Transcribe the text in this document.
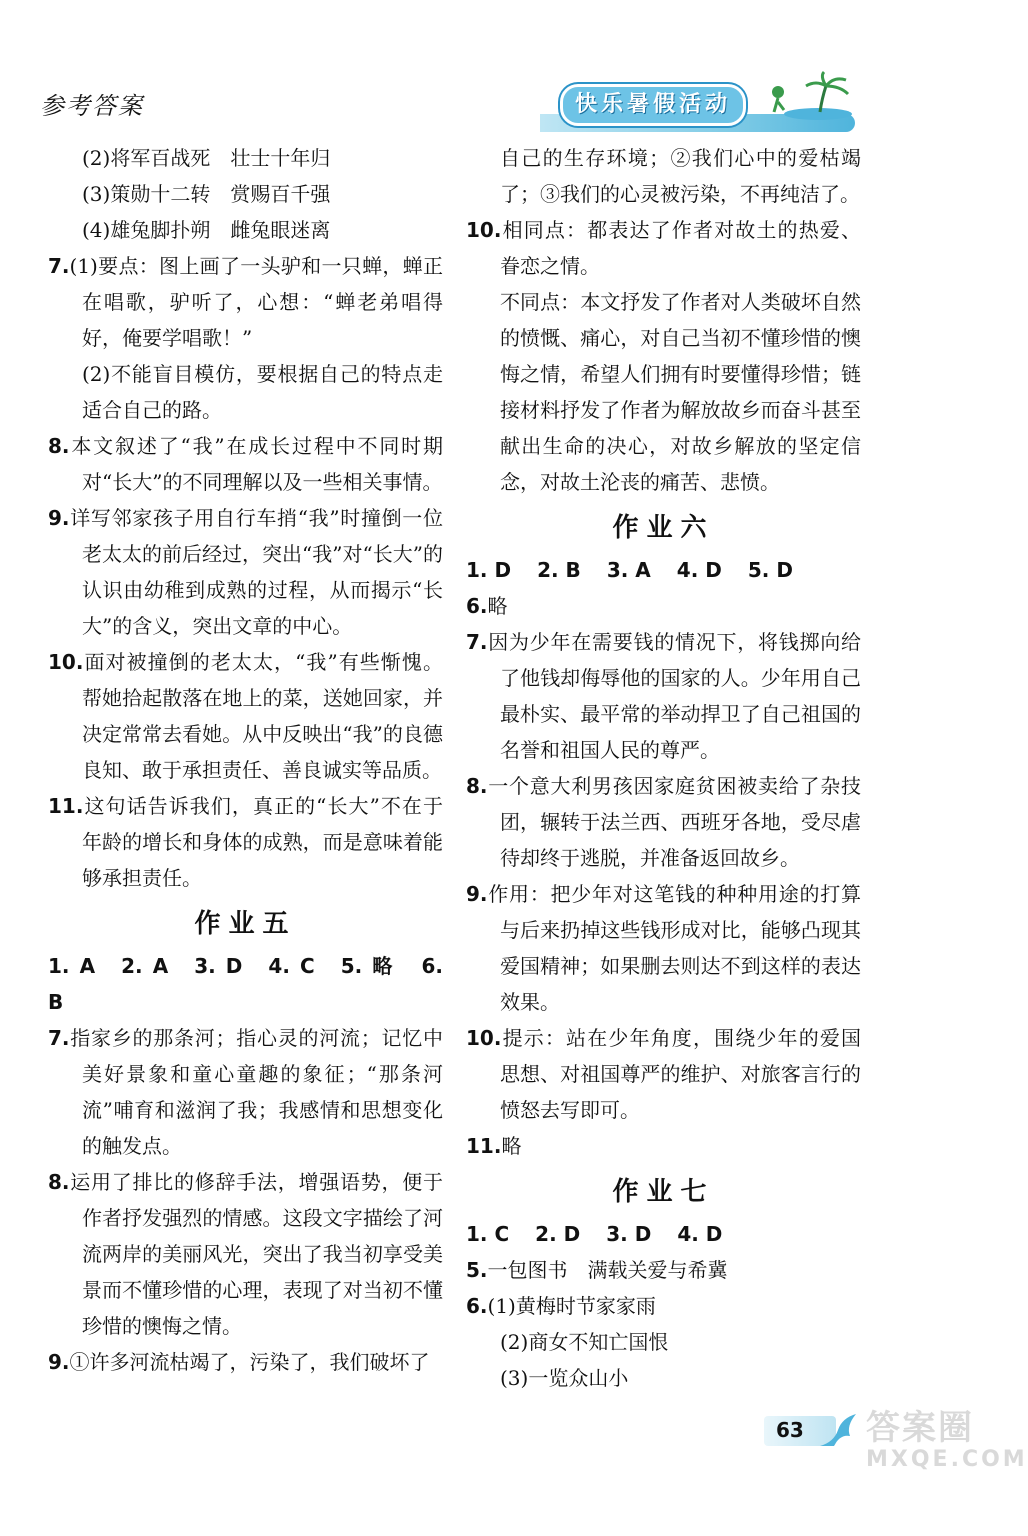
参考答案	快乐暑假活动
(2)将军百战死　壮士十年归
(3)策勋十二转　赏赐百千强
(4)雄兔脚扑朔　雌兔眼迷离
7.(1)要点：图上画了一头驴和一只蝉，蝉正在唱歌，驴听了，心想：“蝉老弟唱得好，俺要学唱歌！”
(2)不能盲目模仿，要根据自己的特点走适合自己的路。
8.本文叙述了“我”在成长过程中不同时期对“长大”的不同理解以及一些相关事情。
9.详写邻家孩子用自行车捎“我”时撞倒一位老太太的前后经过，突出“我”对“长大”的认识由幼稚到成熟的过程，从而揭示“长大”的含义，突出文章的中心。
10.面对被撞倒的老太太，“我”有些惭愧。帮她拾起散落在地上的菜，送她回家，并决定常常去看她。从中反映出“我”的良德良知、敢于承担责任、善良诚实等品质。
11.这句话告诉我们，真正的“长大”不在于年龄的增长和身体的成熟，而是意味着能够承担责任。
作业五
1. A 2. A 3. D 4. C 5. 略 6. B
7.指家乡的那条河；指心灵的河流；记忆中美好景象和童心童趣的象征；“那条河流”哺育和滋润了我；我感情和思想变化的触发点。
8.运用了排比的修辞手法，增强语势，便于作者抒发强烈的情感。这段文字描绘了河流两岸的美丽风光，突出了我当初享受美景而不懂珍惜的心理，表现了对当初不懂珍惜的懊悔之情。
9.①许多河流枯竭了，污染了，我们破坏了
自己的生存环境；②我们心中的爱枯竭了；③我们的心灵被污染，不再纯洁了。
10.相同点：都表达了作者对故土的热爱、眷恋之情。
不同点：本文抒发了作者对人类破坏自然的愤慨、痛心，对自己当初不懂珍惜的懊悔之情，希望人们拥有时要懂得珍惜；链接材料抒发了作者为解放故乡而奋斗甚至献出生命的决心，对故乡解放的坚定信念，对故土沦丧的痛苦、悲愤。
作业六
1. D 2. B 3. A 4. D 5. D
6.略
7.因为少年在需要钱的情况下，将钱掷向给了他钱却侮辱他的国家的人。少年用自己最朴实、最平常的举动捍卫了自己祖国的名誉和祖国人民的尊严。
8.一个意大利男孩因家庭贫困被卖给了杂技团，辗转于法兰西、西班牙各地，受尽虐待却终于逃脱，并准备返回故乡。
9.作用：把少年对这笔钱的种种用途的打算与后来扔掉这些钱形成对比，能够凸现其爱国精神；如果删去则达不到这样的表达效果。
10.提示：站在少年角度，围绕少年的爱国思想、对祖国尊严的维护、对旅客言行的愤怒去写即可。
11.略
作业七
1. C 2. D 3. D 4. D
5.一包图书　满载关爱与希冀
6.(1)黄梅时节家家雨
(2)商女不知亡国恨
(3)一览众山小
63 答案圈
MXQE.COM
